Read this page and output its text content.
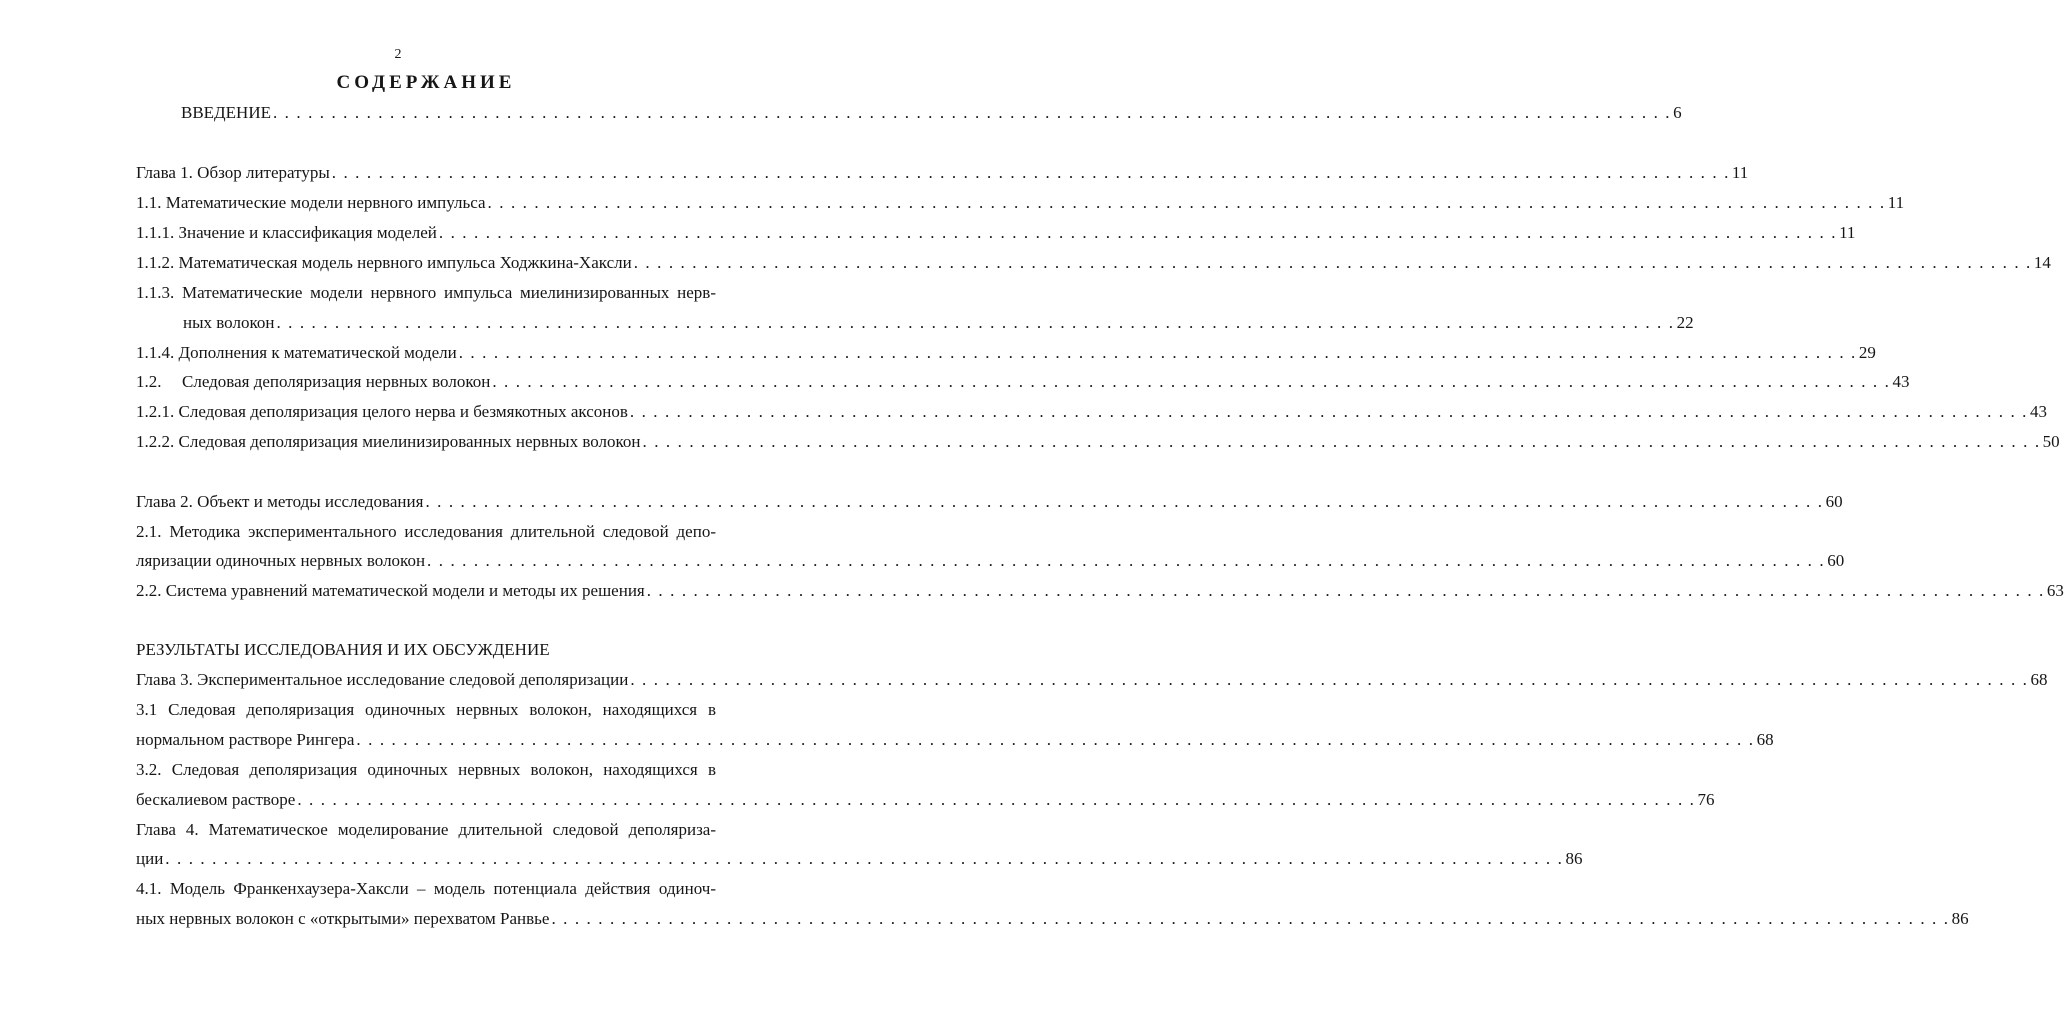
2
СОДЕРЖАНИЕ
ВВЕДЕНИЕ . . . . . . . . . . . . . . . . . . . . . . . . . . . . . . . . . . . . . . . . . . . . . . . . . . . . . . . . . . . . . . . . . . . . . . . . . . . . . . . . . . . . . . . . . . . . . . . . . . . . . . . . . . . . . . . . . . . . . . . . 6
Глава 1. Обзор литературы . . . . . . . . . . . . . . . . . . . . . . . . . . . . . . . . . . . . . . . . . . . . . . . . . . . . . . . . . . . . . . . . . . . . . . . . . . . . . . . . . . . . . . . . . . . . . . . . . . . . . . . . . . . . . . . . . . . . . . . . 11
1.1. Математические модели нервного импульса . . . . . . . . . . . . . . . . . . . . . . . . . . . . . . . . . . . . . . . . . . . . . . . . . . . . . . . . . . . . . . . . . . . . . . . . . . . . . . . . . . . . . . . . . . . . . . . . . . . . . . . . . . . . . . . . . . . . . . . . 11
1.1.1. Значение и классификация моделей . . . . . . . . . . . . . . . . . . . . . . . . . . . . . . . . . . . . . . . . . . . . . . . . . . . . . . . . . . . . . . . . . . . . . . . . . . . . . . . . . . . . . . . . . . . . . . . . . . . . . . . . . . . . . . . . . . . . . . . . 11
1.1.2. Математическая модель нервного импульса Ходжкина-Хаксли . . . . . . . . . . . . . . . . . . . . . . . . . . . . . . . . . . . . . . . . . . . . . . . . . . . . . . . . . . . . . . . . . . . . . . . . . . . . . . . . . . . . . . . . . . . . . . . . . . . . . . . . . . . . . . . . . . . . . . . . 14
1.1.3. Математические модели нервного импульса миелинизированных нерв-
ных волокон . . . . . . . . . . . . . . . . . . . . . . . . . . . . . . . . . . . . . . . . . . . . . . . . . . . . . . . . . . . . . . . . . . . . . . . . . . . . . . . . . . . . . . . . . . . . . . . . . . . . . . . . . . . . . . . . . . . . . . . . 22
1.1.4. Дополнения к математической модели . . . . . . . . . . . . . . . . . . . . . . . . . . . . . . . . . . . . . . . . . . . . . . . . . . . . . . . . . . . . . . . . . . . . . . . . . . . . . . . . . . . . . . . . . . . . . . . . . . . . . . . . . . . . . . . . . . . . . . . . 29
1.2.	Следовая деполяризация нервных волокон . . . . . . . . . . . . . . . . . . . . . . . . . . . . . . . . . . . . . . . . . . . . . . . . . . . . . . . . . . . . . . . . . . . . . . . . . . . . . . . . . . . . . . . . . . . . . . . . . . . . . . . . . . . . . . . . . . . . . . . . 43
1.2.1. Следовая деполяризация целого нерва и безмякотных аксонов . . . . . . . . . . . . . . . . . . . . . . . . . . . . . . . . . . . . . . . . . . . . . . . . . . . . . . . . . . . . . . . . . . . . . . . . . . . . . . . . . . . . . . . . . . . . . . . . . . . . . . . . . . . . . . . . . . . . . . . . 43
1.2.2. Следовая деполяризация миелинизированных нервных волокон . . . . . . . . . . . . . . . . . . . . . . . . . . . . . . . . . . . . . . . . . . . . . . . . . . . . . . . . . . . . . . . . . . . . . . . . . . . . . . . . . . . . . . . . . . . . . . . . . . . . . . . . . . . . . . . . . . . . . . . . 50
Глава 2. Объект и методы исследования . . . . . . . . . . . . . . . . . . . . . . . . . . . . . . . . . . . . . . . . . . . . . . . . . . . . . . . . . . . . . . . . . . . . . . . . . . . . . . . . . . . . . . . . . . . . . . . . . . . . . . . . . . . . . . . . . . . . . . . . 60
2.1. Методика экспериментального исследования длительной следовой депо-
ляризации одиночных нервных волокон . . . . . . . . . . . . . . . . . . . . . . . . . . . . . . . . . . . . . . . . . . . . . . . . . . . . . . . . . . . . . . . . . . . . . . . . . . . . . . . . . . . . . . . . . . . . . . . . . . . . . . . . . . . . . . . . . . . . . . . . 60
2.2. Система уравнений математической модели и методы их решения . . . . . . . . . . . . . . . . . . . . . . . . . . . . . . . . . . . . . . . . . . . . . . . . . . . . . . . . . . . . . . . . . . . . . . . . . . . . . . . . . . . . . . . . . . . . . . . . . . . . . . . . . . . . . . . . . . . . . . . . 63
РЕЗУЛЬТАТЫ ИССЛЕДОВАНИЯ И ИХ ОБСУЖДЕНИЕ
Глава 3. Экспериментальное исследование следовой деполяризации . . . . . . . . . . . . . . . . . . . . . . . . . . . . . . . . . . . . . . . . . . . . . . . . . . . . . . . . . . . . . . . . . . . . . . . . . . . . . . . . . . . . . . . . . . . . . . . . . . . . . . . . . . . . . . . . . . . . . . . . 68
3.1 Следовая деполяризация одиночных нервных волокон, находящихся в
нормальном растворе Рингера . . . . . . . . . . . . . . . . . . . . . . . . . . . . . . . . . . . . . . . . . . . . . . . . . . . . . . . . . . . . . . . . . . . . . . . . . . . . . . . . . . . . . . . . . . . . . . . . . . . . . . . . . . . . . . . . . . . . . . . . 68
3.2. Следовая деполяризация одиночных нервных волокон, находящихся в
бескалиевом растворе . . . . . . . . . . . . . . . . . . . . . . . . . . . . . . . . . . . . . . . . . . . . . . . . . . . . . . . . . . . . . . . . . . . . . . . . . . . . . . . . . . . . . . . . . . . . . . . . . . . . . . . . . . . . . . . . . . . . . . . . 76
Глава 4. Математическое моделирование длительной следовой деполяриза-
ции . . . . . . . . . . . . . . . . . . . . . . . . . . . . . . . . . . . . . . . . . . . . . . . . . . . . . . . . . . . . . . . . . . . . . . . . . . . . . . . . . . . . . . . . . . . . . . . . . . . . . . . . . . . . . . . . . . . . . . . . 86
4.1. Модель Франкенхаузера-Хаксли – модель потенциала действия одиноч-
ных нервных волокон с «открытыми» перехватом Ранвье . . . . . . . . . . . . . . . . . . . . . . . . . . . . . . . . . . . . . . . . . . . . . . . . . . . . . . . . . . . . . . . . . . . . . . . . . . . . . . . . . . . . . . . . . . . . . . . . . . . . . . . . . . . . . . . . . . . . . . . . 86
